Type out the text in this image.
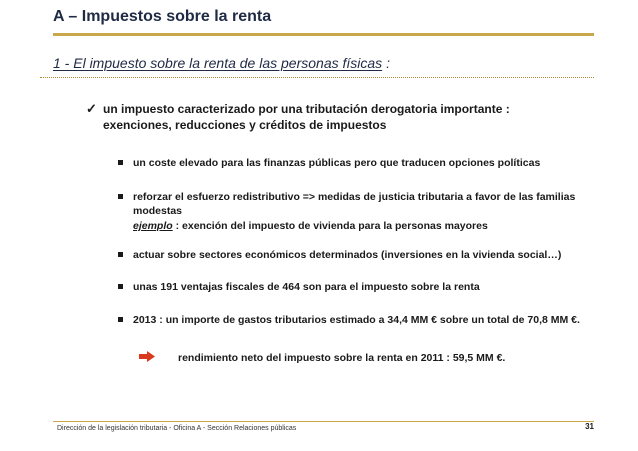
A – Impuestos sobre la renta
1 - El impuesto sobre la renta de las personas físicas :
✓ un impuesto caracterizado por una tributación derogatoria importante :
exenciones, reducciones y créditos de impuestos
un coste elevado para las finanzas públicas pero que traducen opciones políticas
reforzar el esfuerzo redistributivo => medidas de justicia tributaria a favor de las familias modestas
actuar sobre sectores económicos determinados (inversiones en la vivienda social…)
unas 191 ventajas fiscales de 464 son para el impuesto sobre la renta
2013 : un importe de gastos tributarios estimado a 34,4 MM € sobre un total de 70,8 MM €.
ejemplo : exención del impuesto de vivienda para la personas mayores
rendimiento neto del impuesto sobre la renta en 2011 : 59,5 MM €.
Dirección de la legislación tributaria - Oficina A - Sección Relaciones públicas	31
